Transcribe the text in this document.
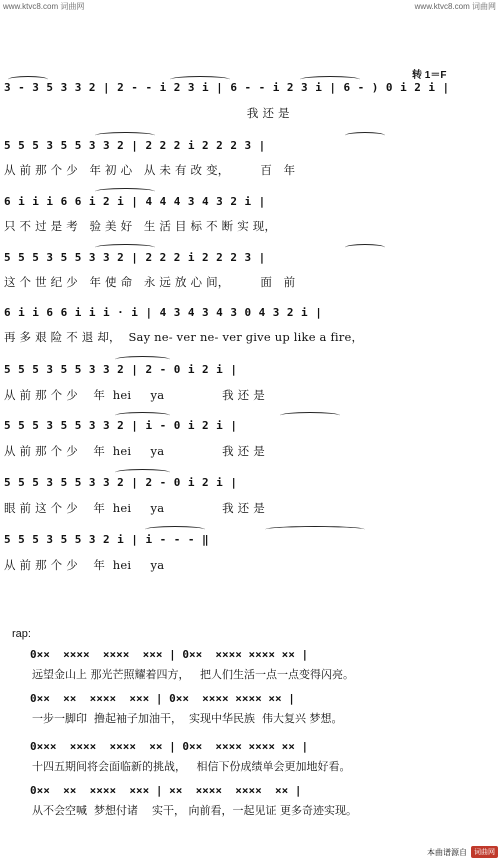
www.ktvc8.com 词曲网	www.ktvc8.com 词曲网
转 1＝F
3 - 3 5 3 3 2 | 2 - - i 2 3 i | 6 - - i 2 3 i | 6 - ) 0 i 2 i |
我 还 是
5 5 5 3 5 5 3 3 2 | 2 2 2 i 2 2 2 3 |
从 前 那 个 少   年 初 心   从 未 有 改 变，        百   年
6 i i i 6 6 i 2 i | 4 4 4 3 4 3 2 i |
只 不 过 是 考   验 美 好   生 活 目 标 不 断 实 现，
5 5 5 3 5 5 3 3 2 | 2 2 2 i 2 2 2 3 |
这 个 世 纪 少   年 使 命   永 远 放 心 间，        面   前
6 i i 6 6 i i i · i | 4 3 4 3 4 3 0 4 3 2 i |
再 多 艰 险 不 退 却，  Say ne- ver ne- ver give up like a fire，
5 5 5 3 5 5 3 3 2 | 2 - 0 i 2 i |
从 前 那 个 少    年  hei     ya               我 还 是
5 5 5 3 5 5 3 3 2 | i - 0 i 2 i |
从 前 那 个 少    年  hei     ya               我 还 是
5 5 5 3 5 5 3 3 2 | 2 - 0 i 2 i |
眼 前 这 个 少    年  hei     ya               我 还 是
5 5 5 3 5 5 3 2 i | i - - - ‖
从 前 那 个 少    年  hei     ya
rap:
0××  ××××  ××××  ××× | 0××  ×××× ×××× ×× |
远望金山上 那光芒照耀着四方，   把人们生活一点一点变得闪亮。
0××  ××  ××××  ××× | 0××  ×××× ×××× ×× |
一步一脚印  撸起袖子加油干，  实现中华民族  伟大复兴 梦想。
0×××  ××××  ××××  ×× | 0××  ×××× ×××× ×× |
十四五期间将会面临新的挑战，   相信下份成绩单会更加地好看。
0××  ××  ××××  ××× | ××  ××××  ××××  ×× |
从不会空喊  梦想付诸    实干， 向前看，一起见证 更多奇迹实现。
本曲谱源自	词曲网
